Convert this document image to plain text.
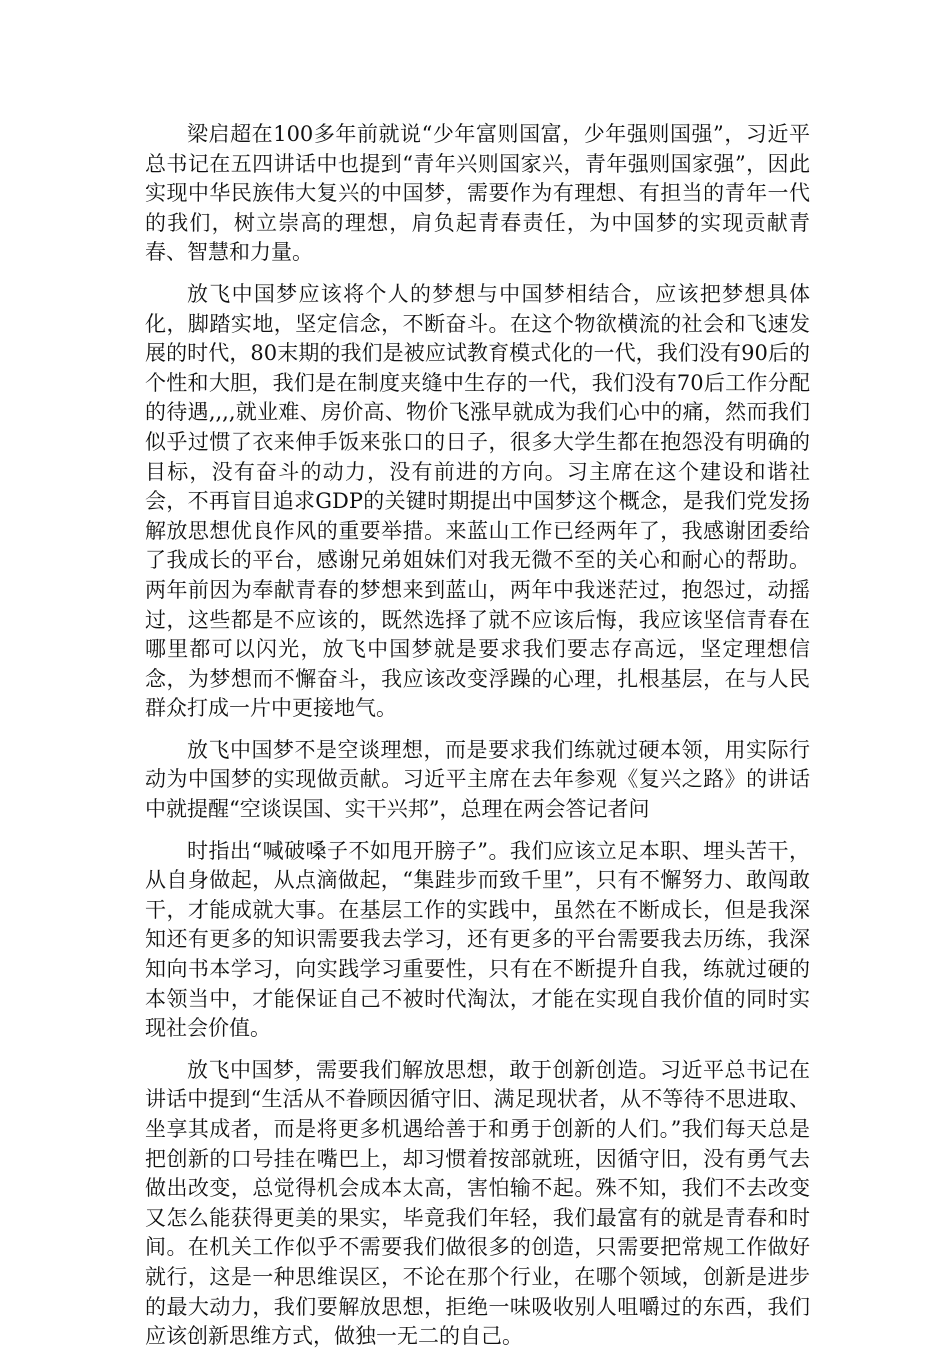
梁启超在100多年前就说“少年富则国富，少年强则国强”，习近平总书记在五四讲话中也提到“青年兴则国家兴，青年强则国家强”，因此实现中华民族伟大复兴的中国梦，需要作为有理想、有担当的青年一代的我们，树立崇高的理想，肩负起青春责任，为中国梦的实现贡献青春、智慧和力量。

放飞中国梦应该将个人的梦想与中国梦相结合，应该把梦想具体化，脚踏实地，坚定信念，不断奋斗。在这个物欲横流的社会和飞速发展的时代，80末期的我们是被应试教育模式化的一代，我们没有90后的个性和大胆，我们是在制度夹缝中生存的一代，我们没有70后工作分配的待遇,,,,就业难、房价高、物价飞涨早就成为我们心中的痛，然而我们似乎过惯了衣来伸手饭来张口的日子，很多大学生都在抱怨没有明确的目标，没有奋斗的动力，没有前进的方向。习主席在这个建设和谐社会，不再盲目追求GDP的关键时期提出中国梦这个概念，是我们党发扬解放思想优良作风的重要举措。来蓝山工作已经两年了，我感谢团委给了我成长的平台，感谢兄弟姐妹们对我无微不至的关心和耐心的帮助。两年前因为奉献青春的梦想来到蓝山，两年中我迷茫过，抱怨过，动摇过，这些都是不应该的，既然选择了就不应该后悔，我应该坚信青春在哪里都可以闪光，放飞中国梦就是要求我们要志存高远，坚定理想信念，为梦想而不懈奋斗，我应该改变浮躁的心理，扎根基层，在与人民群众打成一片中更接地气。

放飞中国梦不是空谈理想，而是要求我们练就过硬本领，用实际行动为中国梦的实现做贡献。习近平主席在去年参观《复兴之路》的讲话中就提醒“空谈误国、实干兴邦”，总理在两会答记者问

时指出“喊破嗓子不如甩开膀子”。我们应该立足本职、埋头苦干，从自身做起，从点滴做起，“集跬步而致千里”，只有不懈努力、敢闯敢干，才能成就大事。在基层工作的实践中，虽然在不断成长，但是我深知还有更多的知识需要我去学习，还有更多的平台需要我去历练，我深知向书本学习，向实践学习重要性，只有在不断提升自我，练就过硬的本领当中，才能保证自己不被时代淘汰，才能在实现自我价值的同时实现社会价值。

放飞中国梦，需要我们解放思想，敢于创新创造。习近平总书记在讲话中提到“生活从不眷顾因循守旧、满足现状者，从不等待不思进取、坐享其成者，而是将更多机遇给善于和勇于创新的人们。”我们每天总是把创新的口号挂在嘴巴上，却习惯着按部就班，因循守旧，没有勇气去做出改变，总觉得机会成本太高，害怕输不起。殊不知，我们不去改变又怎么能获得更美的果实，毕竟我们年轻，我们最富有的就是青春和时间。在机关工作似乎不需要我们做很多的创造，只需要把常规工作做好就行，这是一种思维误区，不论在那个行业，在哪个领域，创新是进步的最大动力，我们要解放思想，拒绝一味吸收别人咀嚼过的东西，我们应该创新思维方式，做独一无二的自己。
